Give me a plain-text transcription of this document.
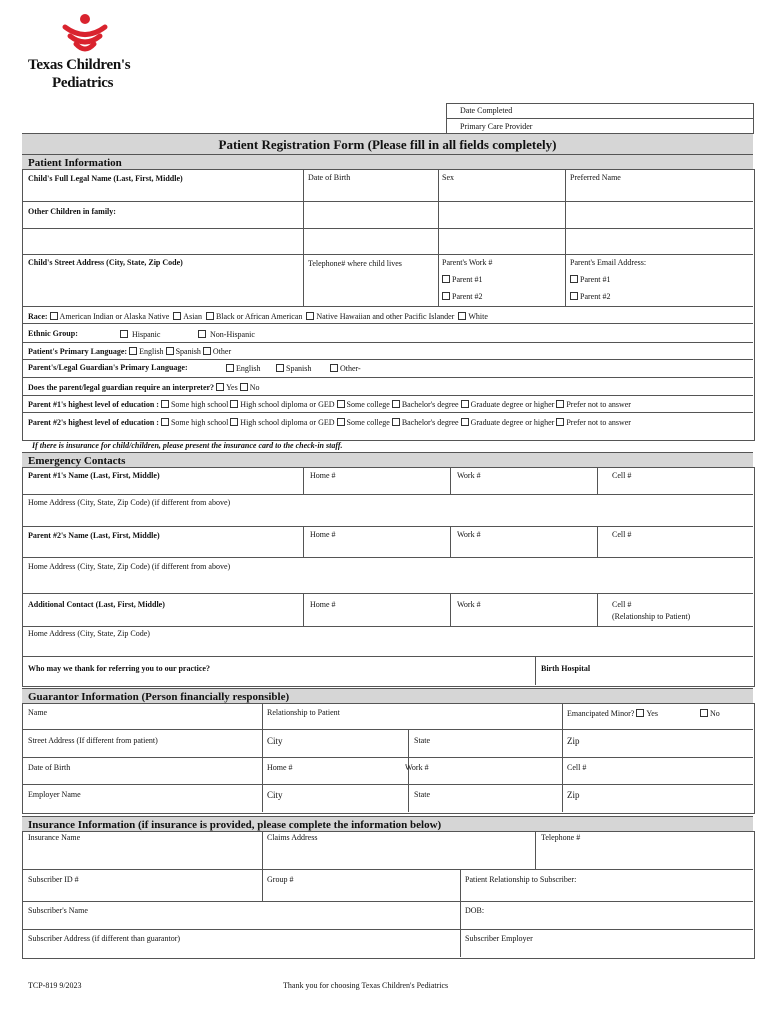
Texas Children's
Pediatrics
Date Completed
Primary Care Provider
Patient Registration Form (Please fill in all fields completely)
Patient Information
Child's Full Legal Name (Last, First, Middle)	Date of Birth	Sex	Preferred Name
Other Children in family:
Child's Street Address (City, State, Zip Code)	Telephone# where child lives	Parent's Work #
Parent #1
Parent #2
Parent's Email Address:
Parent #1
Parent #2
Race: American Indian or Alaska Native Asian Black or African American Native Hawaiian and other Pacific Islander White
Ethnic Group:	Hispanic	Non-Hispanic
Patient's Primary Language: English Spanish Other
Parent's/Legal Guardian's Primary Language:	English	Spanish	Other-
Does the parent/legal guardian require an interpreter? Yes No
Parent #1's highest level of education : Some high school High school diploma or GED Some college Bachelor's degree Graduate degree or higher Prefer not to answer
Parent #2's highest level of education : Some high school High school diploma or GED Some college Bachelor's degree Graduate degree or higher Prefer not to answer
If there is insurance for child/children, please present the insurance card to the check-in staff.
Emergency Contacts
Parent #1's Name (Last, First, Middle)	Home #	Work #	Cell #
Home Address (City, State, Zip Code) (if different from above)
Parent #2's Name (Last, First, Middle)	Home #	Work #	Cell #
Home Address (City, State, Zip Code) (if different from above)
Additional Contact (Last, First, Middle)	Home #	Work #	Cell #
(Relationship to Patient)
Home Address (City, State, Zip Code)
Who may we thank for referring you to our practice?	Birth Hospital
Guarantor Information (Person financially responsible)
Name	Relationship to Patient	Emancipated Minor? Yes	No
Street Address (If different from patient)	City	State	Zip
Date of Birth	Home #	Work #	Cell #
Employer Name	City	State	Zip
Insurance Information (if insurance is provided, please complete the information below)
Insurance Name	Claims Address	Telephone #
Subscriber ID #	Group #	Patient Relationship to Subscriber:
Subscriber's Name	DOB:
Subscriber Address (if different than guarantor)	Subscriber Employer
TCP-819 9/2023	Thank you for choosing Texas Children's Pediatrics
